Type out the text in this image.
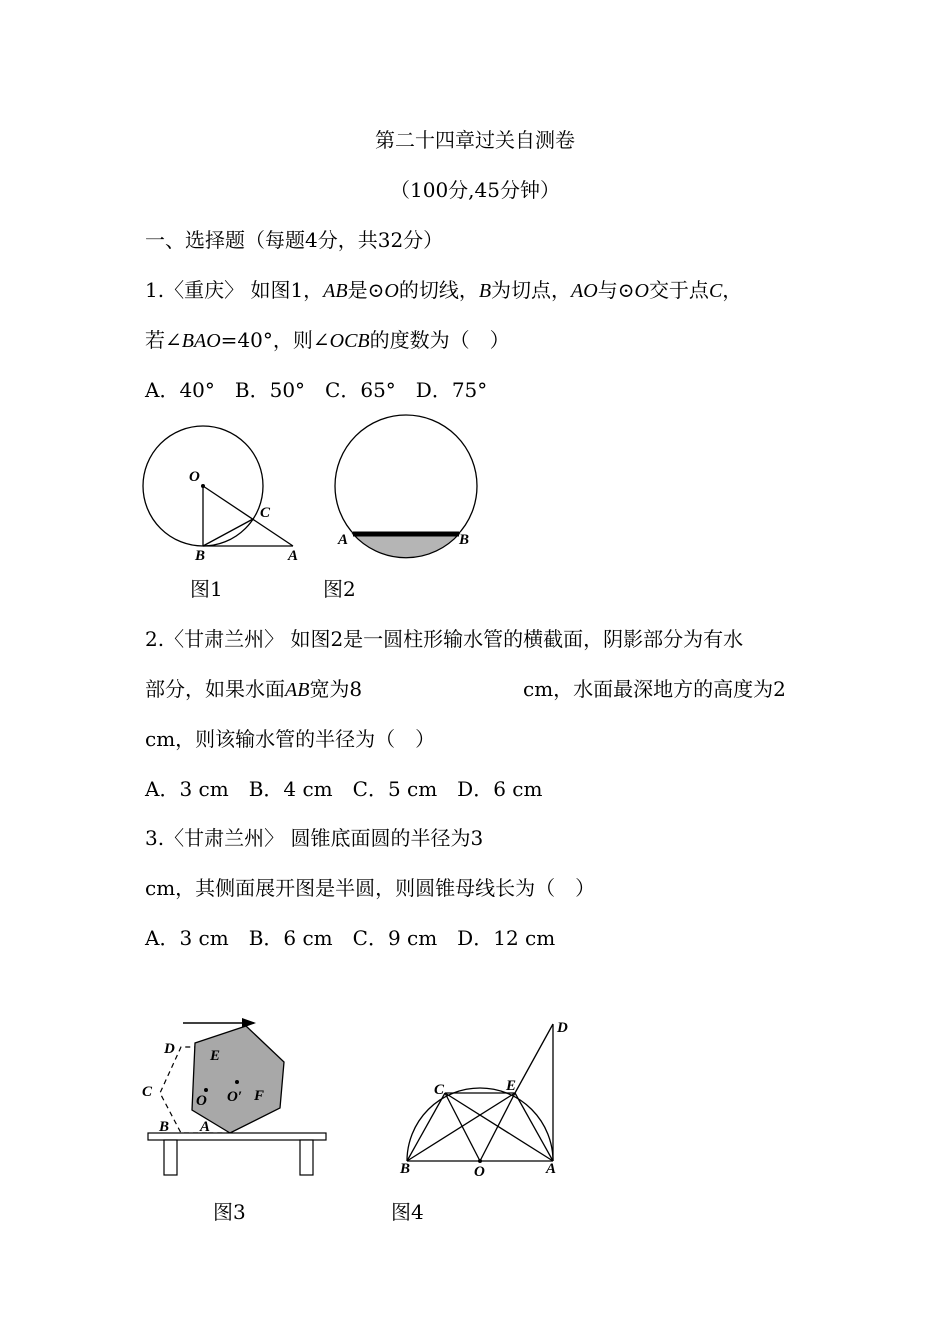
第二十四章过关自测卷
（100分,45分钟）
一、选择题（每题4分，共32分）
1.〈重庆〉 如图1，AB是⊙O的切线，B为切点，AO与⊙O交于点C，
若∠BAO=40°，则∠OCB的度数为（　）
A．40°　B．50°　C．65°　D．75°
O
C
B	A
图1
A	B
图2
2.〈甘肃兰州〉 如图2是一圆柱形输水管的横截面，阴影部分为有水
部分，如果水面AB宽为8	cm，水面最深地方的高度为2
cm，则该输水管的半径为（　）
A．3 cm　B．4 cm　C．5 cm　D．6 cm
3.〈甘肃兰州〉 圆锥底面圆的半径为3
cm，其侧面展开图是半圆，则圆锥母线长为（　）
A．3 cm　B．6 cm　C．9 cm　D．12 cm
D E
C
O O′ F
B A
图3
D
C	E
B	O	A
图4
